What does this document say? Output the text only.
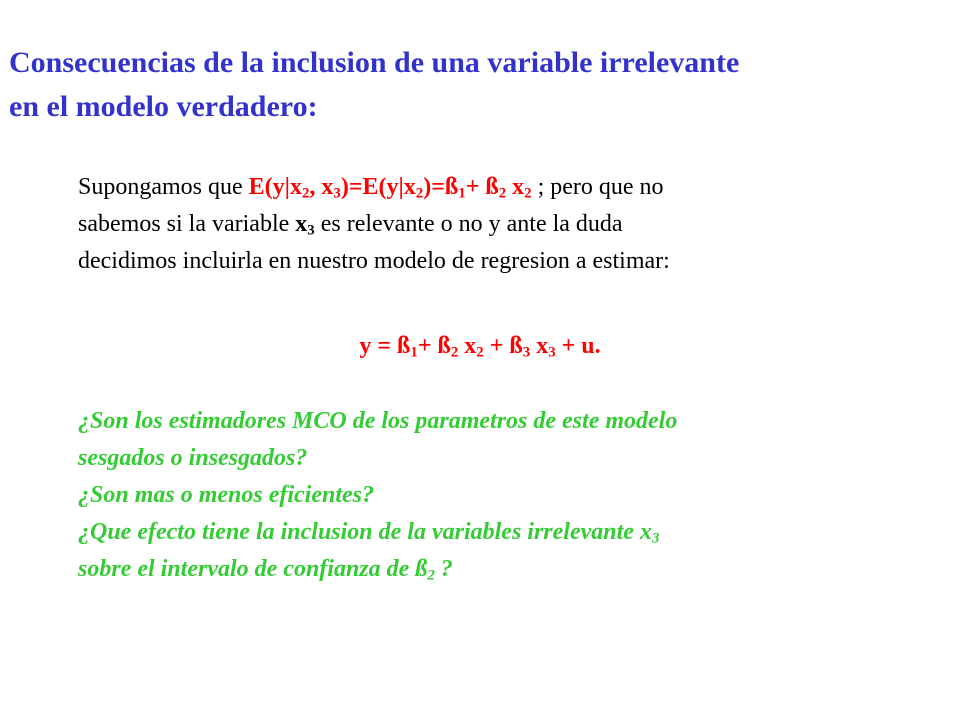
Consecuencias de la inclusion de una variable irrelevante
en el modelo verdadero:

Supongamos que $E(y|x_2$, $x_3)=E(y|x_2)=ß_1+$ $ß_2$ $x_2$ ; pero que no

sabemos si la variable $x_3$ es relevante o no y ante la duda

decidimos incluirla en nuestro modelo de regresion a estimar:

$y = ß_1+$ $ß_2$ $x_2$ + $ß_3$ $x_3 + u$.

¿Son los estimadores MCO de los parametros de este modelo

sesgados o insesgados?

¿Son mas o menos eficientes?

¿Que efecto tiene la inclusion de la variables irrelevante $x_3$

sobre el intervalo de confianza de $ß_2$ ?
